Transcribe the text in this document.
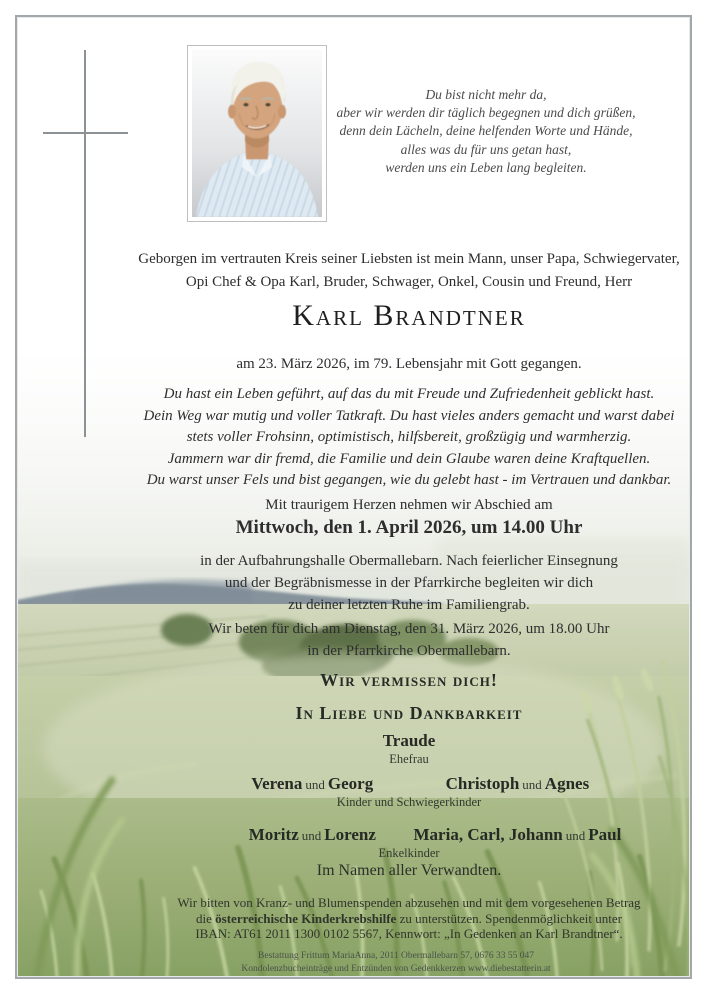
Du bist nicht mehr da,
aber wir werden dir täglich begegnen und dich grüßen,
denn dein Lächeln, deine helfenden Worte und Hände,
alles was du für uns getan hast,
werden uns ein Leben lang begleiten.
Geborgen im vertrauten Kreis seiner Liebsten ist mein Mann, unser Papa, Schwiegervater,
Opi Chef & Opa Karl, Bruder, Schwager, Onkel, Cousin und Freund, Herr
Karl Brandtner
am 23. März 2026, im 79. Lebensjahr mit Gott gegangen.
Du hast ein Leben geführt, auf das du mit Freude und Zufriedenheit geblickt hast.
Dein Weg war mutig und voller Tatkraft. Du hast vieles anders gemacht und warst dabei
stets voller Frohsinn, optimistisch, hilfsbereit, großzügig und warmherzig.
Jammern war dir fremd, die Familie und dein Glaube waren deine Kraftquellen.
Du warst unser Fels und bist gegangen, wie du gelebt hast - im Vertrauen und dankbar.
Mit traurigem Herzen nehmen wir Abschied am
Mittwoch, den 1. April 2026, um 14.00 Uhr
in der Aufbahrungshalle Obermallebarn. Nach feierlicher Einsegnung
und der Begräbnismesse in der Pfarrkirche begleiten wir dich
zu deiner letzten Ruhe im Familiengrab.
Wir beten für dich am Dienstag, den 31. März 2026, um 18.00 Uhr
in der Pfarrkirche Obermallebarn.
Wir vermissen dich!
In Liebe und Dankbarkeit
Traude
Ehefrau
Verena und Georg	Christoph und Agnes
Kinder und Schwiegerkinder
Moritz und Lorenz Maria, Carl, Johann und Paul
Enkelkinder
Im Namen aller Verwandten.
Wir bitten von Kranz- und Blumenspenden abzusehen und mit dem vorgesehenen Betrag
die österreichische Kinderkrebshilfe zu unterstützen. Spendenmöglichkeit unter
IBAN: AT61 2011 1300 0102 5567, Kennwort: „In Gedenken an Karl Brandtner“.
Bestattung Frittum MariaAnna, 2011 Obermallebarn 57, 0676 33 55 047
Kondolenzbucheinträge und Entzünden von Gedenkkerzen www.diebestatterin.at
